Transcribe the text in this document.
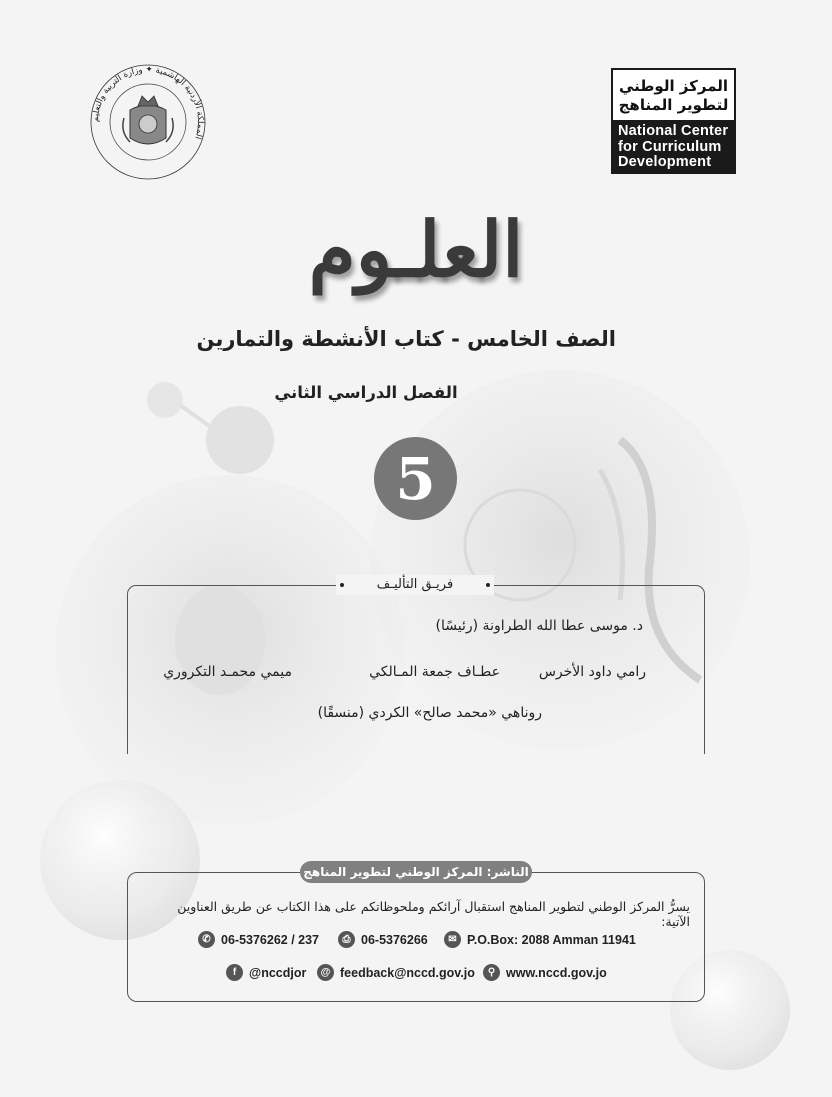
المركز الوطني
لتطوير المناهج
National Center
for Curriculum
Development
المملكة الأردنية الهاشمية ✦ وزارة التربية والتعليم
العلـوم
الصف الخامس - كتاب الأنشطة والتمارين
الفصل الدراسي الثاني
5
فريـق التأليـف
د. موسى عطا الله الطراونة (رئيسًا)
رامي داود الأخرس
عطـاف جمعة المـالكي
ميمي محمـد التكروري
روناهي «محمد صالح» الكردي (منسقًا)
الناشر: المركز الوطني لتطوير المناهج
يسرُّ المركز الوطني لتطوير المناهج استقبال آرائكم وملحوظاتكم على هذا الكتاب عن طريق العناوين الآتية:
✉ P.O.Box: 2088 Amman 11941
⎙ 06-5376266
✆ 06-5376262 / 237
⚲ www.nccd.gov.jo
@ feedback@nccd.gov.jo
f	@nccdjor
